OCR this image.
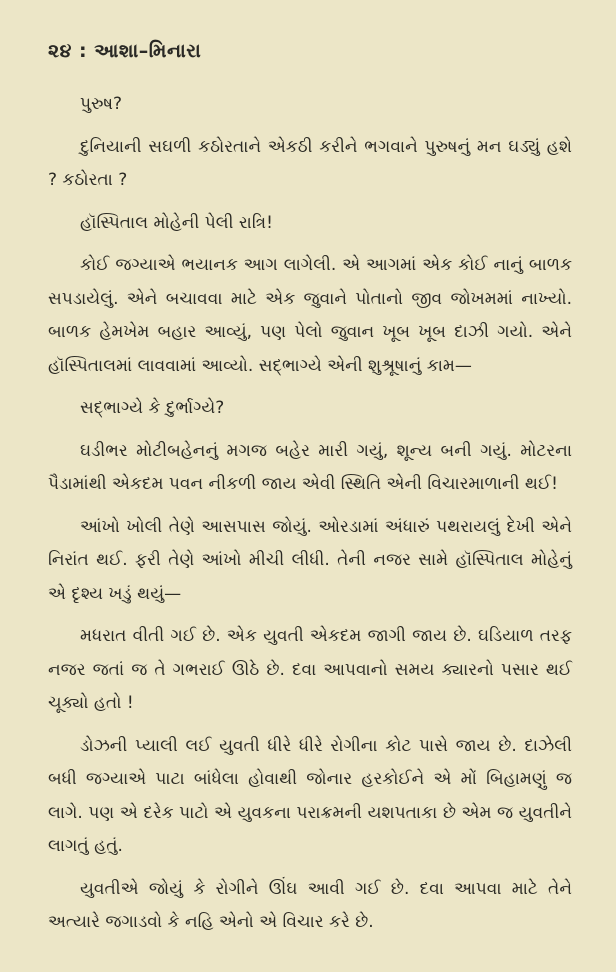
૨૪ : આશા–મિનારા

પુરુષ?

દુનિયાની સઘળી કઠોરતાને એકઠી કરીને ભગવાને પુરુષનું મન ઘડ્યું હશે ? કઠોરતા ?

હૉસ્પિતાલ મોહેની પેલી રાત્રિ!

કોઈ જગ્યાએ ભયાનક આગ લાગેલી. એ આગમાં એક કોઈ નાનું બાળક સપડાયેલું. એને બચાવવા માટે એક જુવાને પોતાનો જીવ જોખમમાં નાખ્યો. બાળક હેમખેમ બહાર આવ્યું, પણ પેલો જુવાન ખૂબ ખૂબ દાઝી ગયો. એને હૉસ્પિતાલમાં લાવવામાં આવ્યો. સદ્‌ભાગ્યે એની શુશ્રૂષાનું કામ—

સદ્‌ભાગ્યે કે દુર્ભાગ્યે?

ઘડીભર મોટીબહેનનું મગજ બહેર મારી ગયું, શૂન્ય બની ગયું. મોટરના પૈડામાંથી એકદમ પવન નીકળી જાય એવી સ્થિતિ એની વિચારમાળાની થઈ!

આંખો ખોલી તેણે આસપાસ જોયું. ઓરડામાં અંધારું પથરાયલું દેખી એને નિરાંત થઈ. ફરી તેણે આંખો મીચી લીધી. તેની નજર સામે હૉસ્પિતાલ મોહેનું એ દૃશ્ય ખડું થયું—

મધરાત વીતી ગઈ છે. એક યુવતી એકદમ જાગી જાય છે. ઘડિયાળ તરફ નજર જતાં જ તે ગભરાઈ ઊઠે છે. દવા આપવાનો સમય ક્યારનો પસાર થઈ ચૂક્યો હતો !

ડોઝની પ્યાલી લઈ યુવતી ધીરે ધીરે રોગીના કોટ પાસે જાય છે. દાઝેલી બધી જગ્યાએ પાટા બાંધેલા હોવાથી જોનાર હરકોઈને એ મોં બિહામણું જ લાગે. પણ એ દરેક પાટો એ યુવકના પરાક્રમની યશપતાકા છે એમ જ યુવતીને લાગતું હતું.

યુવતીએ જોયું કે રોગીને ઊંઘ આવી ગઈ છે. દવા આપવા માટે તેને અત્યારે જગાડવો કે નહિ એનો એ વિચાર કરે છે.
